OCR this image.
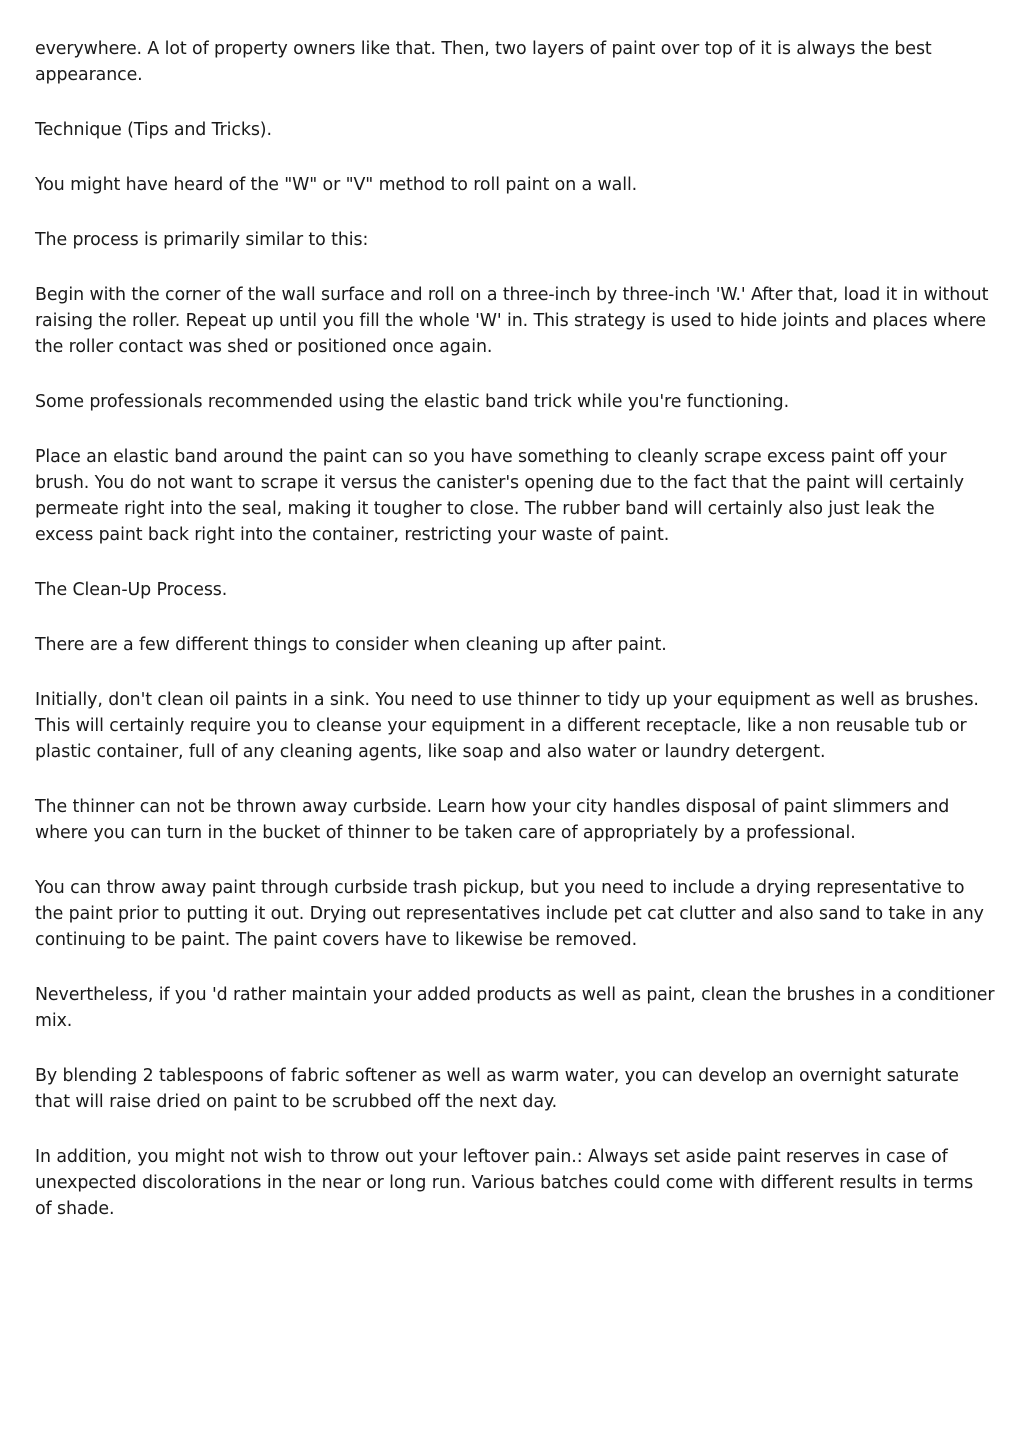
everywhere. A lot of property owners like that. Then, two layers of paint over top of it is always the best appearance.

Technique (Tips and Tricks).

You might have heard of the "W" or "V" method to roll paint on a wall.

The process is primarily similar to this:

Begin with the corner of the wall surface and roll on a three-inch by three-inch 'W.' After that, load it in without raising the roller. Repeat up until you fill the whole 'W' in. This strategy is used to hide joints and places where the roller contact was shed or positioned once again.

Some professionals recommended using the elastic band trick while you're functioning.

Place an elastic band around the paint can so you have something to cleanly scrape excess paint off your brush. You do not want to scrape it versus the canister's opening due to the fact that the paint will certainly permeate right into the seal, making it tougher to close. The rubber band will certainly also just leak the excess paint back right into the container, restricting your waste of paint.

The Clean-Up Process.

There are a few different things to consider when cleaning up after paint.

Initially, don't clean oil paints in a sink. You need to use thinner to tidy up your equipment as well as brushes. This will certainly require you to cleanse your equipment in a different receptacle, like a non reusable tub or plastic container, full of any cleaning agents, like soap and also water or laundry detergent.

The thinner can not be thrown away curbside. Learn how your city handles disposal of paint slimmers and where you can turn in the bucket of thinner to be taken care of appropriately by a professional.

You can throw away paint through curbside trash pickup, but you need to include a drying representative to the paint prior to putting it out. Drying out representatives include pet cat clutter and also sand to take in any continuing to be paint. The paint covers have to likewise be removed.

Nevertheless, if you 'd rather maintain your added products as well as paint, clean the brushes in a conditioner mix.

By blending 2 tablespoons of fabric softener as well as warm water, you can develop an overnight saturate that will raise dried on paint to be scrubbed off the next day.

In addition, you might not wish to throw out your leftover pain.: Always set aside paint reserves in case of unexpected discolorations in the near or long run. Various batches could come with different results in terms of shade.
